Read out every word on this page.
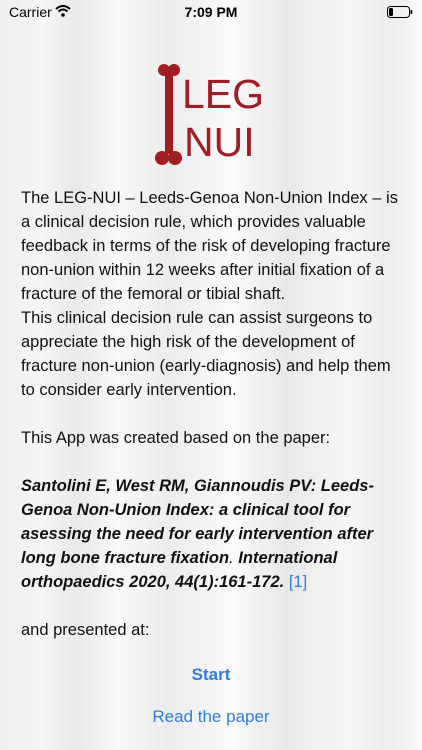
Carrier	7:09 PM
LEG
NUI

The LEG-NUI – Leeds-Genoa Non-Union Index – is a clinical decision rule, which provides valuable feedback in terms of the risk of developing fracture non-union within 12 weeks after initial fixation of a fracture of the femoral or tibial shaft.

This clinical decision rule can assist surgeons to appreciate the high risk of the development of fracture non-union (early-diagnosis) and help them to consider early intervention.

This App was created based on the paper:

Santolini E, West RM, Giannoudis PV: Leeds-Genoa Non-Union Index: a clinical tool for asessing the need for early intervention after long bone fracture fixation. International orthopaedics 2020, 44(1):161-172. [1]

and presented at:

Start
Read the paper
